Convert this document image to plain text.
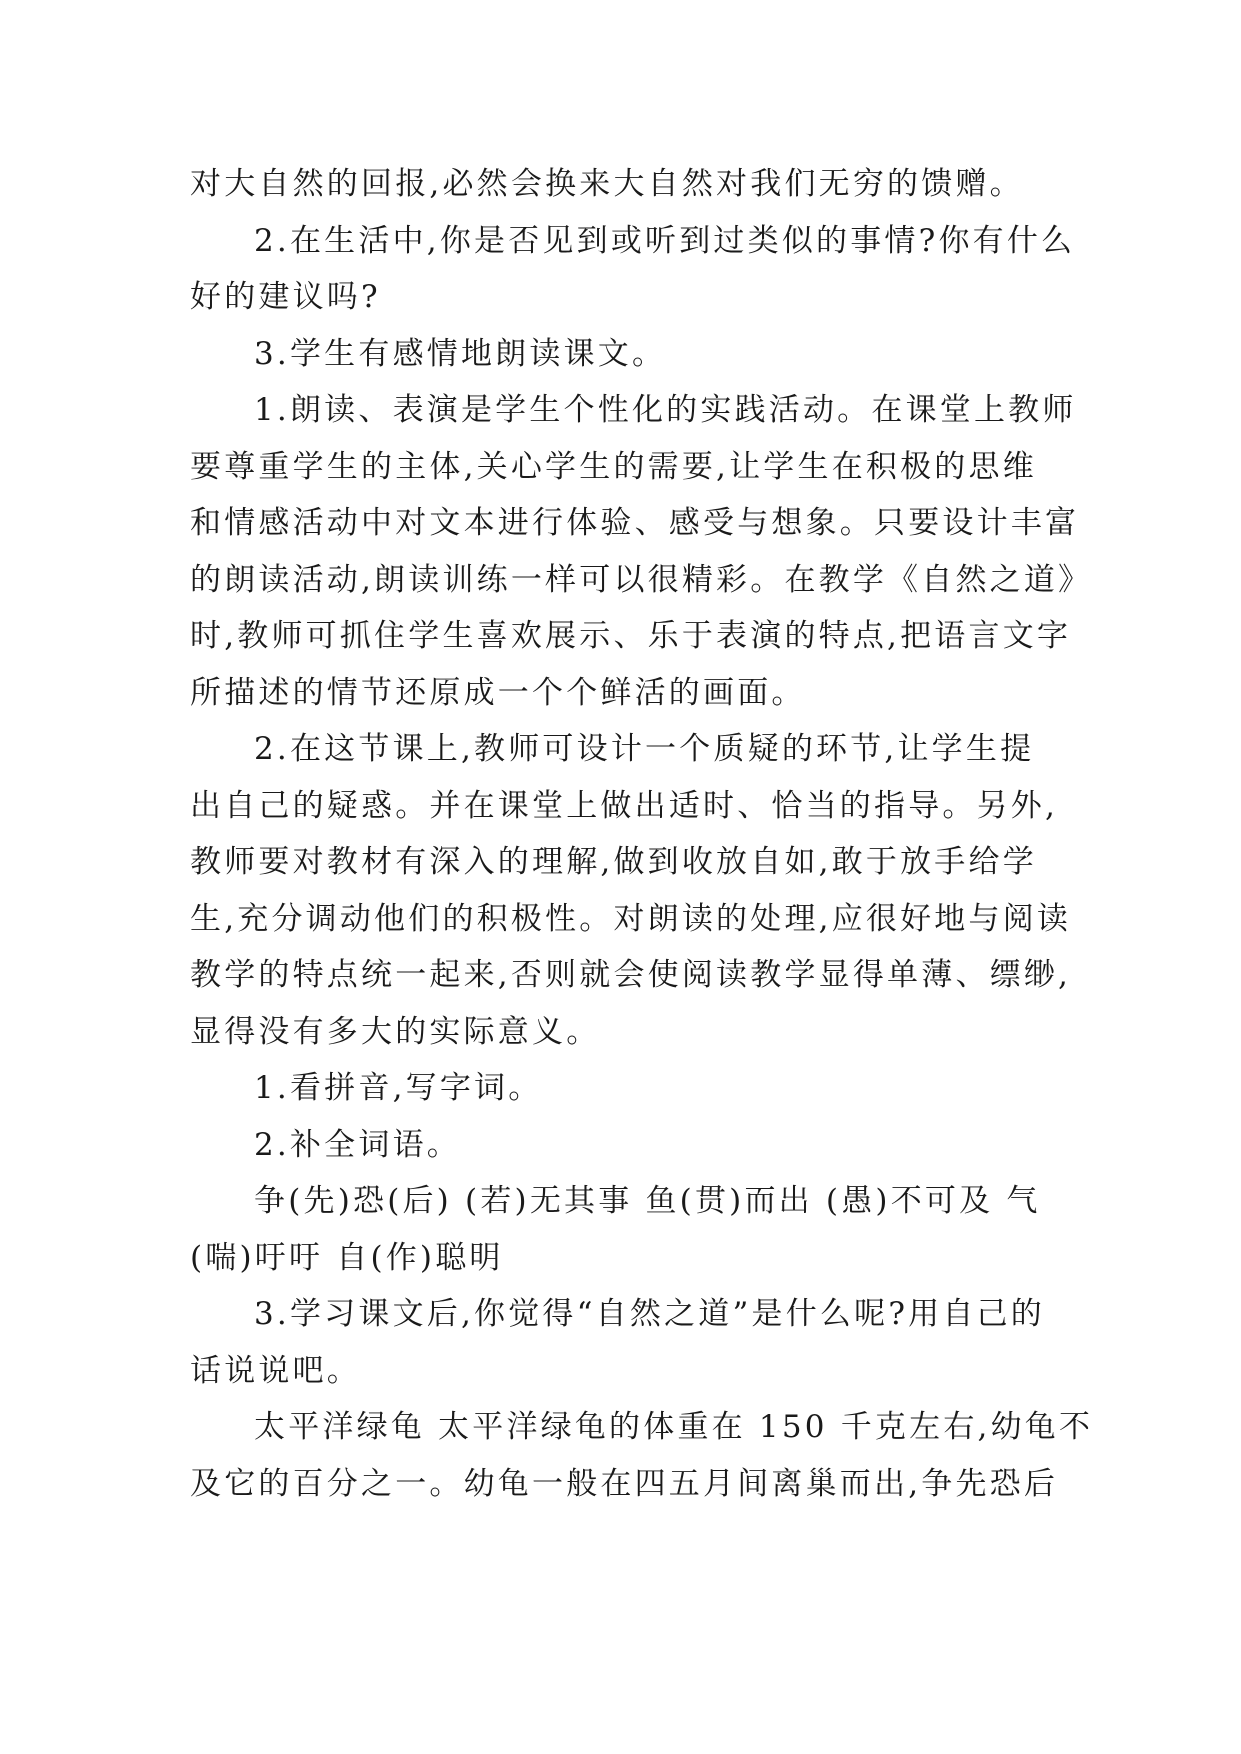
对大自然的回报,必然会换来大自然对我们无穷的馈赠。

2.在生活中,你是否见到或听到过类似的事情?你有什么

好的建议吗?

3.学生有感情地朗读课文。

1.朗读、表演是学生个性化的实践活动。在课堂上教师

要尊重学生的主体,关心学生的需要,让学生在积极的思维

和情感活动中对文本进行体验、感受与想象。只要设计丰富

的朗读活动,朗读训练一样可以很精彩。在教学《自然之道》

时,教师可抓住学生喜欢展示、乐于表演的特点,把语言文字

所描述的情节还原成一个个鲜活的画面。

2.在这节课上,教师可设计一个质疑的环节,让学生提

出自己的疑惑。并在课堂上做出适时、恰当的指导。另外,

教师要对教材有深入的理解,做到收放自如,敢于放手给学

生,充分调动他们的积极性。对朗读的处理,应很好地与阅读

教学的特点统一起来,否则就会使阅读教学显得单薄、缥缈,

显得没有多大的实际意义。

1.看拼音,写字词。

2.补全词语。

争(先)恐(后) (若)无其事 鱼(贯)而出 (愚)不可及 气

(喘)吁吁 自(作)聪明

3.学习课文后,你觉得“自然之道”是什么呢?用自己的

话说说吧。

太平洋绿龟 太平洋绿龟的体重在 150 千克左右,幼龟不

及它的百分之一。幼龟一般在四五月间离巢而出,争先恐后
